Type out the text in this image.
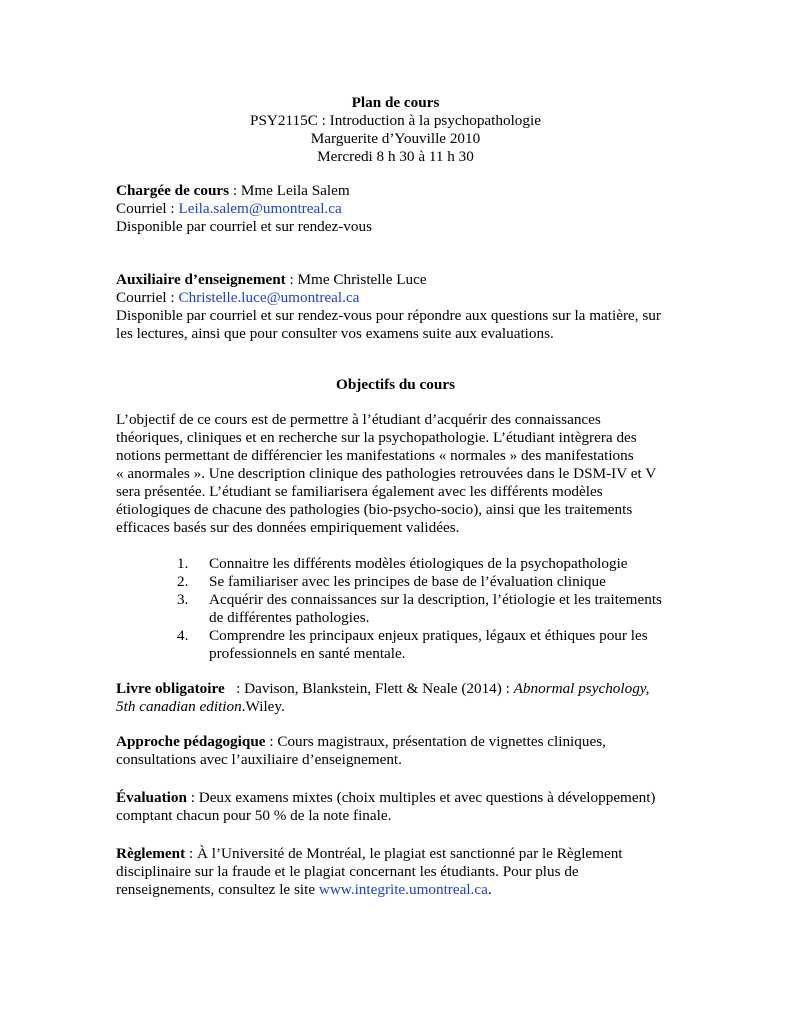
Plan de cours
PSY2115C : Introduction à la psychopathologie
Marguerite d’Youville 2010
Mercredi 8 h 30 à 11 h 30
Chargée de cours : Mme Leila Salem
Courriel : Leila.salem@umontreal.ca
Disponible par courriel et sur rendez-vous
Auxiliaire d’enseignement : Mme Christelle Luce
Courriel : Christelle.luce@umontreal.ca
Disponible par courriel et sur rendez-vous pour répondre aux questions sur la matière, sur
les lectures, ainsi que pour consulter vos examens suite aux evaluations.
Objectifs du cours
L’objectif de ce cours est de permettre à l’étudiant d’acquérir des connaissances
théoriques, cliniques et en recherche sur la psychopathologie. L’étudiant intègrera des
notions permettant de différencier les manifestations « normales » des manifestations
« anormales ». Une description clinique des pathologies retrouvées dans le DSM-IV et V
sera présentée. L’étudiant se familiarisera également avec les différents modèles
étiologiques de chacune des pathologies (bio-psycho-socio), ainsi que les traitements
efficaces basés sur des données empiriquement validées.
1. Connaitre les différents modèles étiologiques de la psychopathologie
2. Se familiariser avec les principes de base de l’évaluation clinique
3. Acquérir des connaissances sur la description, l’étiologie et les traitements
de différentes pathologies.
4. Comprendre les principaux enjeux pratiques, légaux et éthiques pour les
professionnels en santé mentale.
Livre obligatoire   : Davison, Blankstein, Flett & Neale (2014) : Abnormal psychology,
5th canadian edition.Wiley.
Approche pédagogique : Cours magistraux, présentation de vignettes cliniques,
consultations avec l’auxiliaire d’enseignement.
Évaluation : Deux examens mixtes (choix multiples et avec questions à développement)
comptant chacun pour 50 % de la note finale.
Règlement : À l’Université de Montréal, le plagiat est sanctionné par le Règlement
disciplinaire sur la fraude et le plagiat concernant les étudiants. Pour plus de
renseignements, consultez le site www.integrite.umontreal.ca.
